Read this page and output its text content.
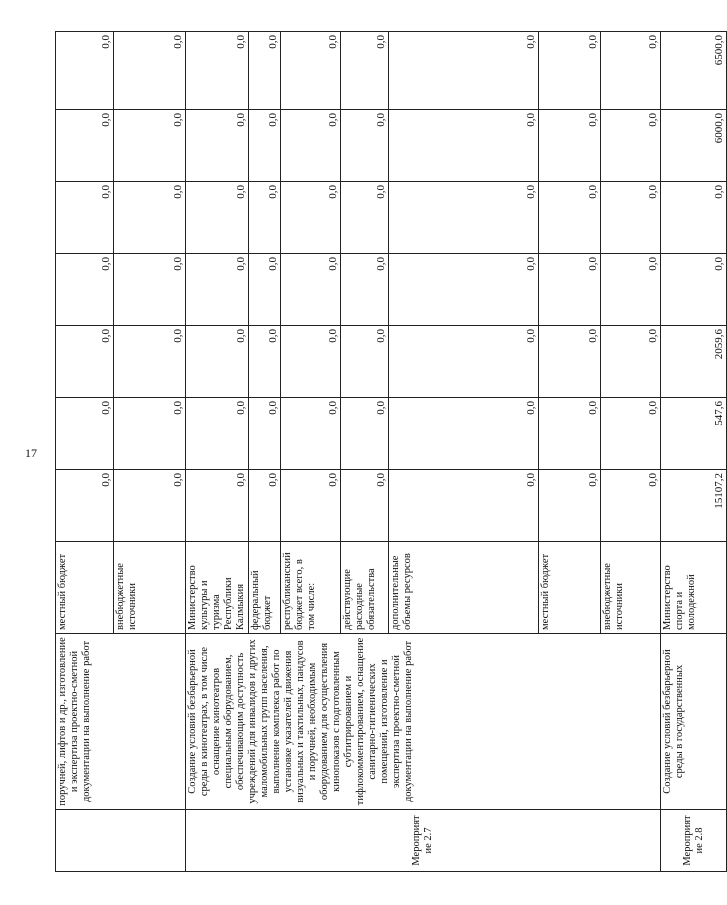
17
	поручней, лифтов и др., изготовление и экспертиза проектно-сметной документации на выполнение работ	местный бюджет	0,0	0,0	0,0	0,0	0,0	0,0	0,0
		внебюджетные источники	0,0	0,0	0,0	0,0	0,0	0,0	0,0
Мероприятие 2.7	Создание условий безбарьерной среды в кинотеатрах, в том числе оснащение кинотеатров специальным оборудованием, обеспечивающим доступность учреждений для инвалидов и других маломобильных групп населения, выполнение комплекса работ по установке указателей движения визуальных и тактильных, пандусов и поручней, необходимым оборудованием для осуществления кинопоказов с подготовленным субтитрированием и тифлокомментированием, оснащение санитарно-гигиенических помещений, изготовление и экспертиза проектно-сметной документации на выполнение работ	Министерство культуры и туризма Республики Калмыкия	0,0	0,0	0,0	0,0	0,0	0,0	0,0
		федеральный бюджет	0,0	0,0	0,0	0,0	0,0	0,0	0,0
		республиканский бюджет всего, в том числе:	0,0	0,0	0,0	0,0	0,0	0,0	0,0
		действующие расходные обязательства	0,0	0,0	0,0	0,0	0,0	0,0	0,0
		дополнительные объемы ресурсов	0,0	0,0	0,0	0,0	0,0	0,0	0,0
		местный бюджет	0,0	0,0	0,0	0,0	0,0	0,0	0,0
		внебюджетные источники	0,0	0,0	0,0	0,0	0,0	0,0	0,0
Мероприятие 2.8	Создание условий безбарьерной среды в государственных	Министерство спорта и молодежной	15107,2	547,6	2059,6	0,0	0,0	6000,0	6500,0
